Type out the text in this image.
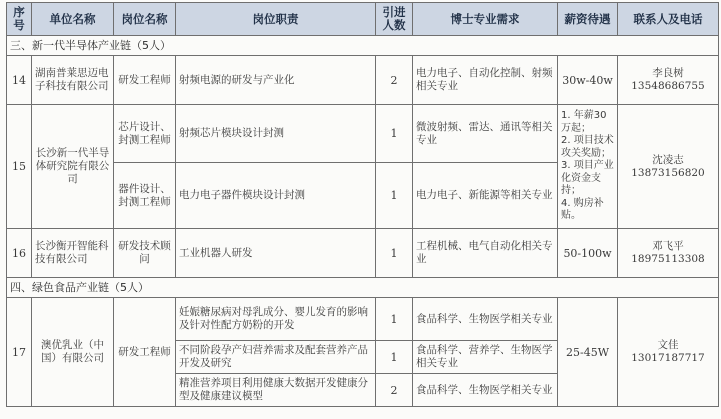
序号	单位名称	岗位名称	岗位职责	引进人数	博士专业需求	薪资待遇	联系人及电话
三、新一代半导体产业链（5人）							
14	湖南普莱思迈电子科技有限公司	研发工程师	射频电源的研发与产业化	2	电力电子、自动化控制、射频相关专业	30w-40w	李良树
13548686755

15	长沙新一代半导体研究院有限公司	芯片设计、封测工程师	射频芯片模块设计封测	1	微波射频、雷达、通讯等相关专业	1. 年薪30万起；
2. 项目技术攻关奖励；
3. 项目产业化资金支持；
4. 购房补贴。	沈凌志
13873156820

		器件设计、封测工程师	电力电子器件模块设计封测	1	电力电子、新能源等相关专业		
16	长沙衡开智能科技有限公司	研发技术顾问	工业机器人研发	1	工程机械、电气自动化相关专业	50-100w	邓飞平
18975113308

四、绿色食品产业链（5人）							
17	澳优乳业（中国）有限公司	研发工程师	妊娠糖尿病对母乳成分、婴儿发育的影响及针对性配方奶粉的开发	1	食品科学、生物医学相关专业	25-45W	文佳
13017187717

			不同阶段孕产妇营养需求及配套营养产品开发及研究	1	食品科学、营养学、生物医学相关专业		
			精准营养项目利用健康大数据开发健康分型及健康建议模型	2	食品科学、生物医学相关专业		
